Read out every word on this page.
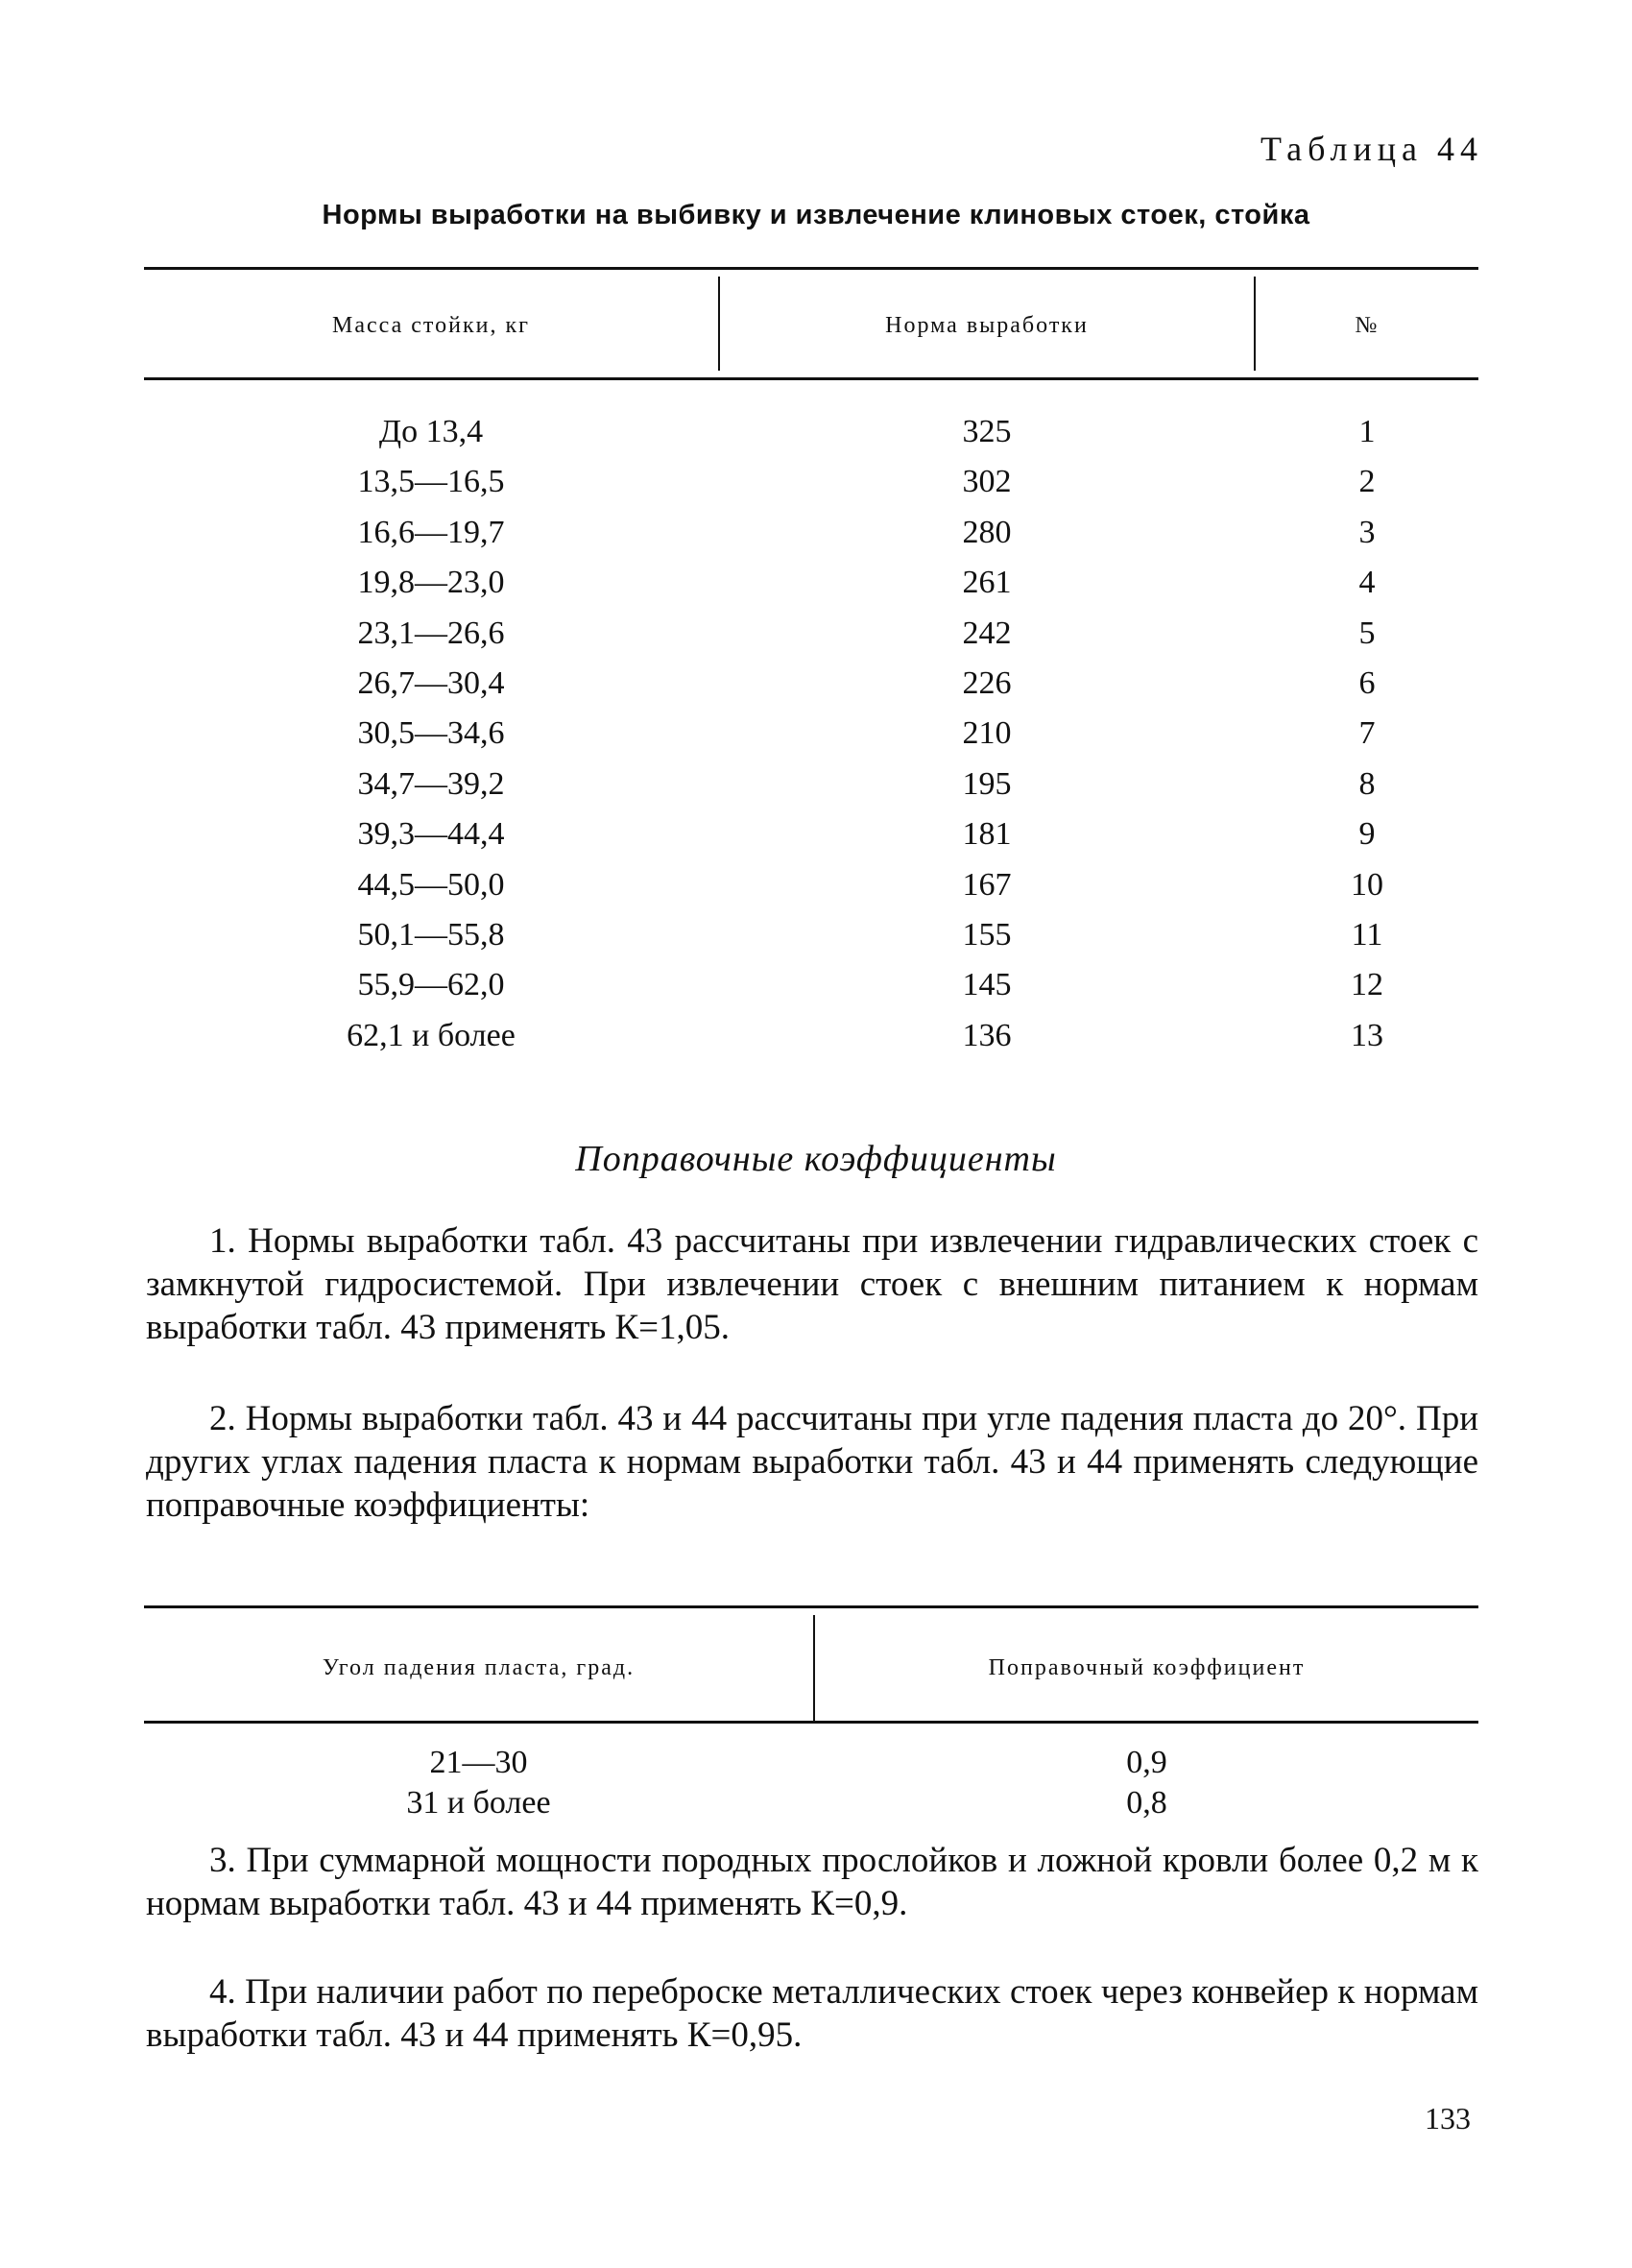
Таблица 44
Нормы выработки на выбивку и извлечение клиновых стоек, стойка
Масса стойки, кг	Норма выработки	№
До 13,4	325	1
13,5—16,5	302	2
16,6—19,7	280	3
19,8—23,0	261	4
23,1—26,6	242	5
26,7—30,4	226	6
30,5—34,6	210	7
34,7—39,2	195	8
39,3—44,4	181	9
44,5—50,0	167	10
50,1—55,8	155	11
55,9—62,0	145	12
62,1 и более	136	13
Поправочные коэффициенты

1. Нормы выработки табл. 43 рассчитаны при извлечении гидравлических стоек с замкнутой гидросистемой. При извлечении стоек с внешним питанием к нормам выработки табл. 43 применять К=1,05.

2. Нормы выработки табл. 43 и 44 рассчитаны при угле падения пласта до 20°. При других углах падения пласта к нормам выработки табл. 43 и 44 применять следующие поправочные коэффициенты:

Угол падения пласта, град.	Поправочный коэффициент
21—30	0,9
31 и более	0,8

3. При суммарной мощности породных прослойков и ложной кровли более 0,2 м к нормам выработки табл. 43 и 44 применять К=0,9.

4. При наличии работ по переброске металлических стоек через конвейер к нормам выработки табл. 43 и 44 применять К=0,95.

133
